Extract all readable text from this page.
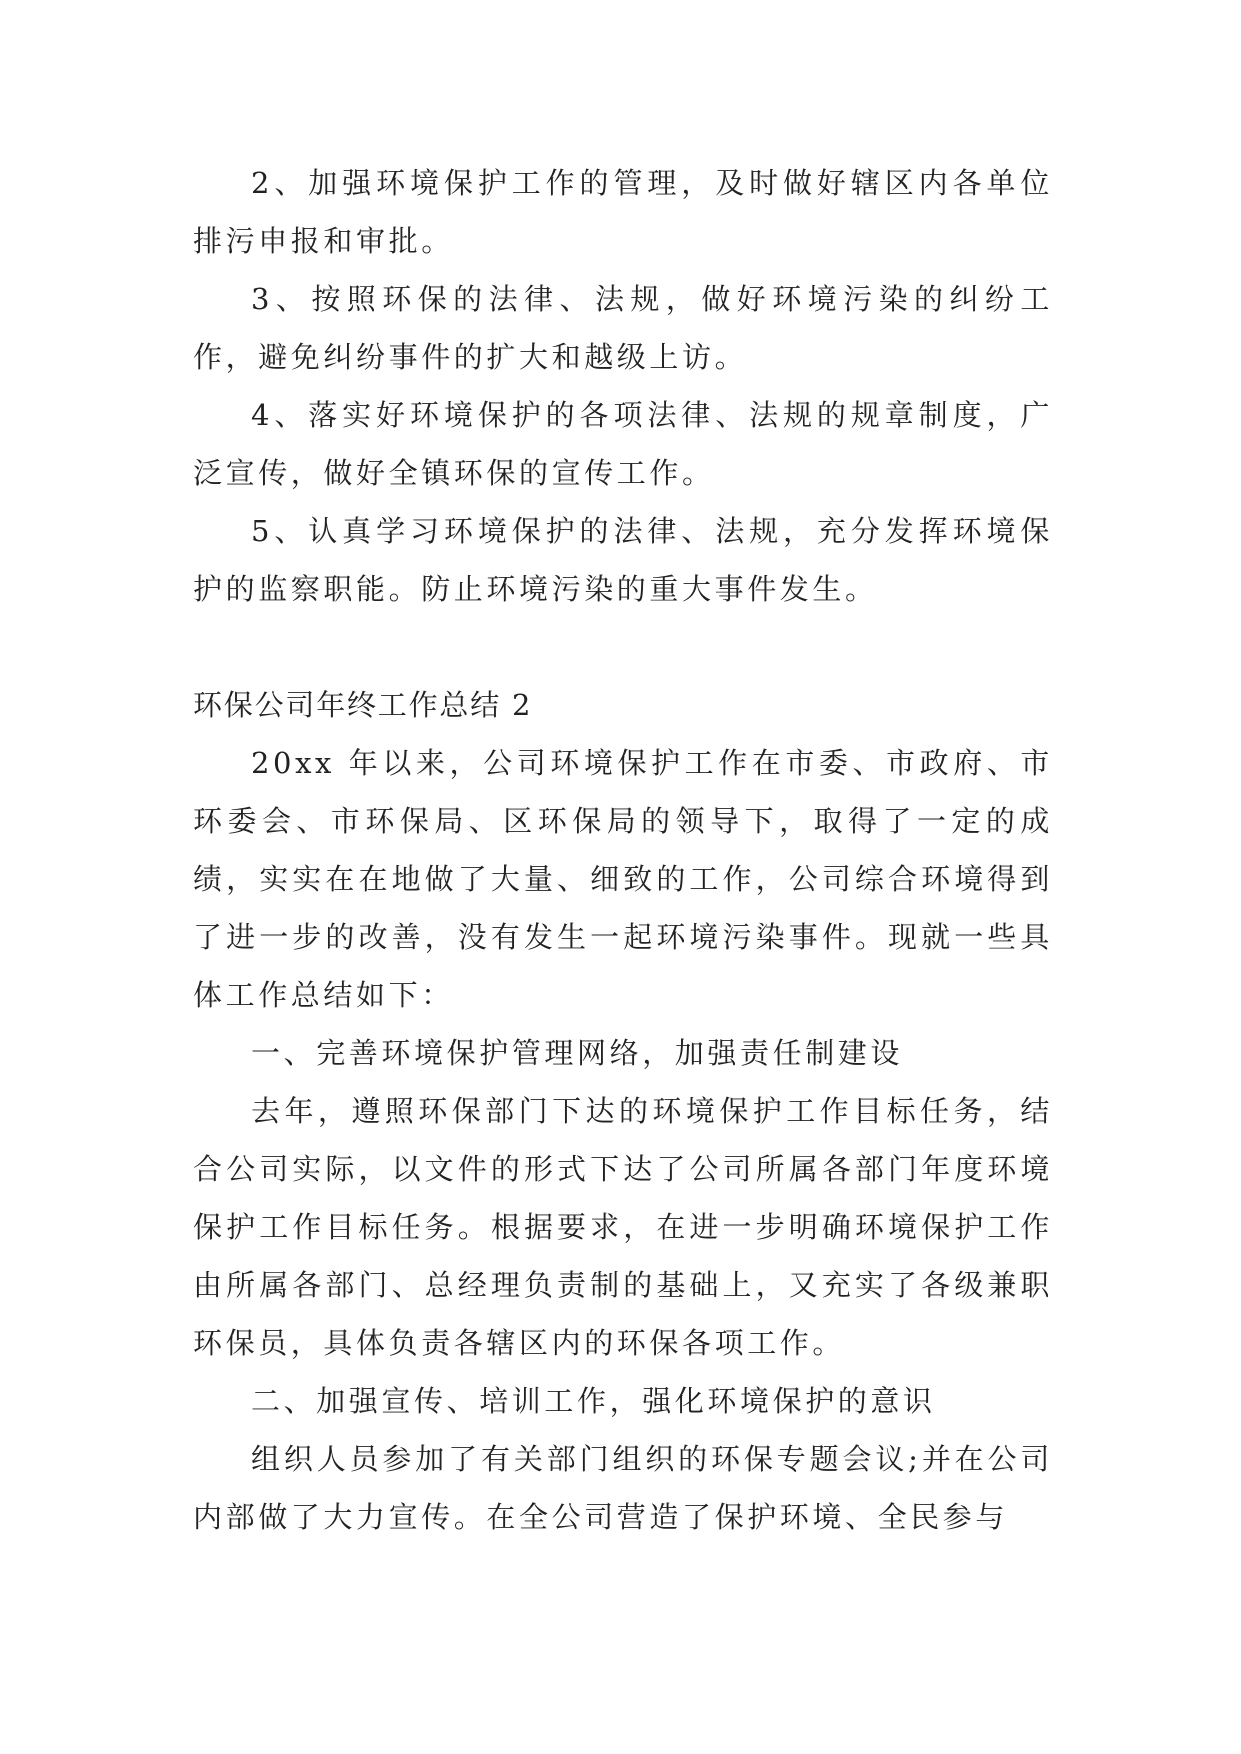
2、加强环境保护工作的管理，及时做好辖区内各单位排污申报和审批。

3、按照环保的法律、法规，做好环境污染的纠纷工作，避免纠纷事件的扩大和越级上访。

4、落实好环境保护的各项法律、法规的规章制度，广泛宣传，做好全镇环保的宣传工作。

5、认真学习环境保护的法律、法规，充分发挥环境保护的监察职能。防止环境污染的重大事件发生。

环保公司年终工作总结 2

20xx 年以来，公司环境保护工作在市委、市政府、市环委会、市环保局、区环保局的领导下，取得了一定的成绩，实实在在地做了大量、细致的工作，公司综合环境得到了进一步的改善，没有发生一起环境污染事件。现就一些具体工作总结如下：

一、完善环境保护管理网络，加强责任制建设

去年，遵照环保部门下达的环境保护工作目标任务，结合公司实际，以文件的形式下达了公司所属各部门年度环境保护工作目标任务。根据要求，在进一步明确环境保护工作由所属各部门、总经理负责制的基础上，又充实了各级兼职环保员，具体负责各辖区内的环保各项工作。

二、加强宣传、培训工作，强化环境保护的意识

组织人员参加了有关部门组织的环保专题会议;并在公司内部做了大力宣传。在全公司营造了保护环境、全民参与
